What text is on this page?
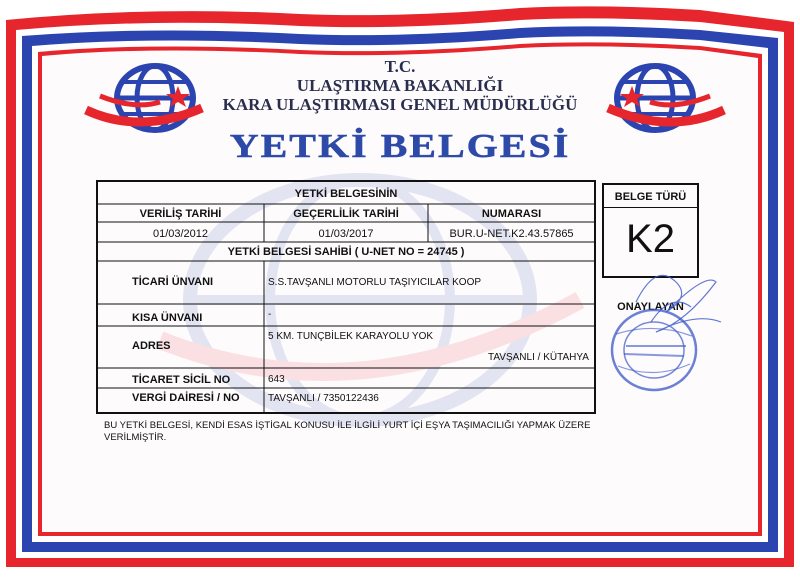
T.C.
ULAŞTIRMA BAKANLIĞI
KARA ULAŞTIRMASI GENEL MÜDÜRLÜĞÜ
YETKİ BELGESİ
YETKİ BELGESİNİN
VERİLİŞ TARİHİ	GEÇERLİLİK TARİHİ	NUMARASI
01/03/2012	01/03/2017	BUR.U-NET.K2.43.57865
YETKİ BELGESİ SAHİBİ ( U-NET NO = 24745 )
TİCARİ ÜNVANI	S.S.TAVŞANLI MOTORLU TAŞIYICILAR KOOP
KISA ÜNVANI	-
ADRES
5 KM. TUNÇBİLEK KARAYOLU YOK
TAVŞANLI / KÜTAHYA
TİCARET SİCİL NO	643
VERGİ DAİRESİ / NO	TAVŞANLI / 7350122436
BU YETKİ BELGESİ, KENDİ ESAS İŞTİGAL KONUSU İLE İLGİLİ YURT İÇİ EŞYA TAŞIMACILIĞI YAPMAK ÜZERE VERİLMİŞTİR.
BELGE TÜRÜ
K2
ONAYLAYAN
